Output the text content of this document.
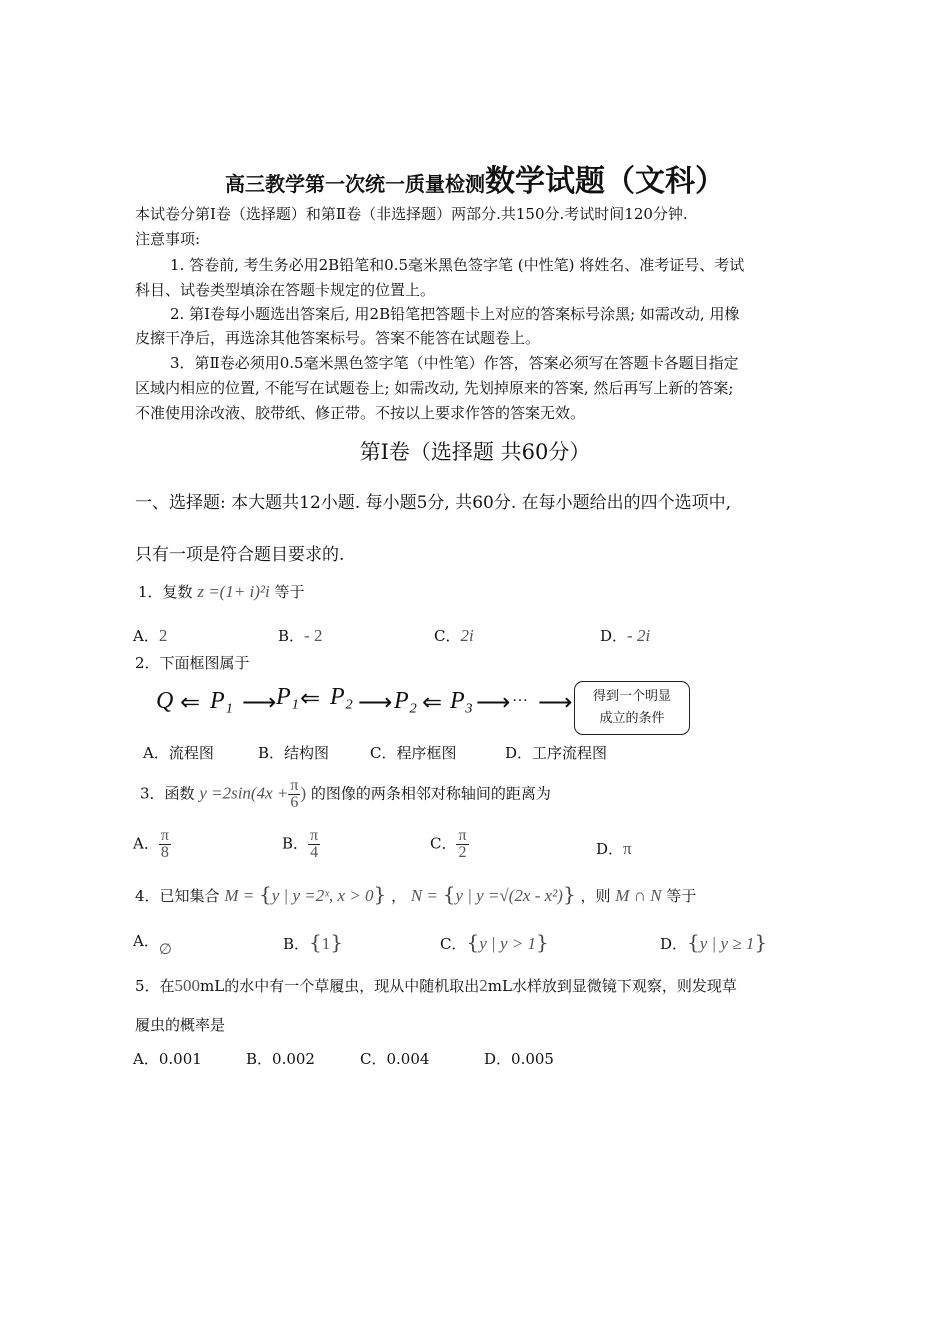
高三教学第一次统一质量检测数学试题（文科）
本试卷分第Ⅰ卷（选择题）和第Ⅱ卷（非选择题）两部分.共150分.考试时间120分钟.
注意事项:
1. 答卷前, 考生务必用2B铅笔和0.5毫米黑色签字笔 (中性笔) 将姓名、准考证号、考试
科目、试卷类型填涂在答题卡规定的位置上。
2. 第Ⅰ卷每小题选出答案后, 用2B铅笔把答题卡上对应的答案标号涂黑; 如需改动, 用橡
皮擦干净后，再选涂其他答案标号。答案不能答在试题卷上。
3．第Ⅱ卷必须用0.5毫米黑色签字笔（中性笔）作答，答案必须写在答题卡各题目指定
区域内相应的位置, 不能写在试题卷上; 如需改动, 先划掉原来的答案, 然后再写上新的答案;
不准使用涂改液、胶带纸、修正带。不按以上要求作答的答案无效。
第Ⅰ卷（选择题 共60分）
一、选择题: 本大题共12小题. 每小题5分, 共60分. 在每小题给出的四个选项中,
只有一项是符合题目要求的.
1．复数 z =(1+ i)²i 等于
A．2	B．- 2	C．2i	D．- 2i
2．下面框图属于
Q ⇐ P₁ ⟶ P₁ ⇐ P₂ ⟶ P₂ ⇐ P₃ ⟶ … ⟶	得到一个明显
成立的条件
A．流程图	B．结构图	C．程序框图	D．工序流程图
3．函数 $y =2\sin(4x + \frac{\pi}{6}$ ) 的图像的两条相邻对称轴间的距离为
A． $\frac{\pi}{8}$	B． $\frac{\pi}{4}$	C． $\frac{\pi}{2}$	D．π
4．已知集合 M = {y | y =2ˣ, x > 0} ， N = {y | y =√(2x - x²)} ，则 M ∩ N 等于
A．∅	B．{1}	C．{y | y > 1}	D．{y | y ≥ 1}
5．在500mL的水中有一个草履虫，现从中随机取出2mL水样放到显微镜下观察，则发现草
履虫的概率是
A．0.001	B．0.002	C．0.004	D．0.005
